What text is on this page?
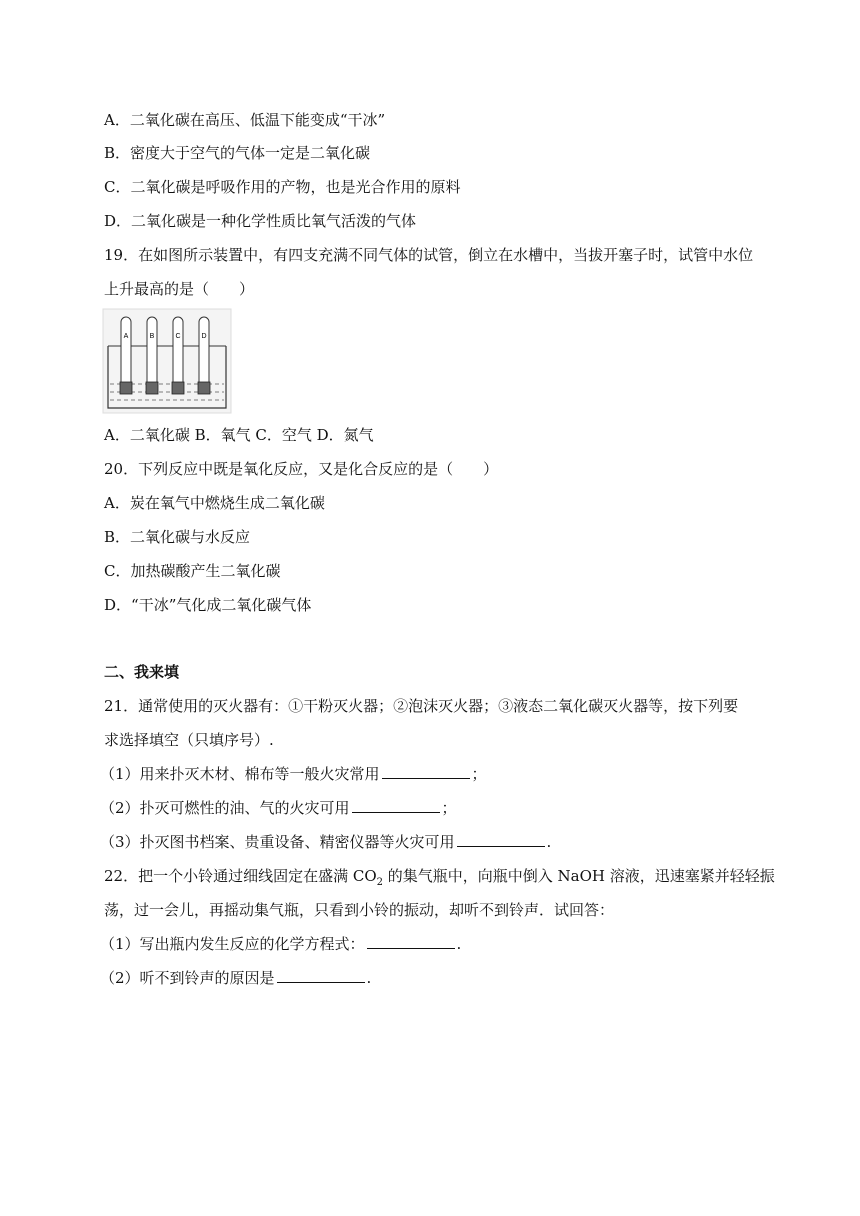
A．二氧化碳在高压、低温下能变成“干冰”
B．密度大于空气的气体一定是二氧化碳
C．二氧化碳是呼吸作用的产物，也是光合作用的原料
D．二氧化碳是一种化学性质比氧气活泼的气体
19．在如图所示装置中，有四支充满不同气体的试管，倒立在水槽中，当拔开塞子时，试管中水位
上升最高的是（　　）
A	B	C	D
A．二氧化碳 B．氧气 C．空气 D．氮气
20．下列反应中既是氧化反应，又是化合反应的是（　　）
A．炭在氧气中燃烧生成二氧化碳
B．二氧化碳与水反应
C．加热碳酸产生二氧化碳
D．“干冰”气化成二氧化碳气体
二、我来填
21．通常使用的灭火器有：①干粉灭火器；②泡沫灭火器；③液态二氧化碳灭火器等，按下列要
求选择填空（只填序号）.
（1）用来扑灭木材、棉布等一般火灾常用	；
（2）扑灭可燃性的油、气的火灾可用	；
（3）扑灭图书档案、贵重设备、精密仪器等火灾可用	.
22．把一个小铃通过细线固定在盛满 $CO_2$ 的集气瓶中，向瓶中倒入 NaOH 溶液，迅速塞紧并轻轻振
荡，过一会儿，再摇动集气瓶，只看到小铃的振动，却听不到铃声．试回答：
（1）写出瓶内发生反应的化学方程式：	.
（2）听不到铃声的原因是	.
